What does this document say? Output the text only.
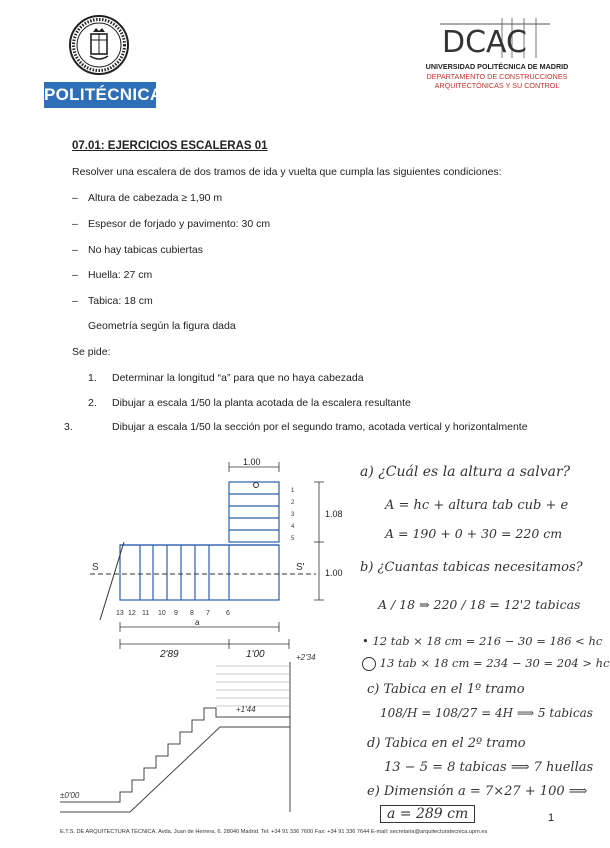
POLITÉCNICA
DCAC
UNIVERSIDAD POLITÉCNICA DE MADRID
DEPARTAMENTO DE CONSTRUCCIONES
ARQUITECTÓNICAS Y SU CONTROL
07.01: EJERCICIOS ESCALERAS 01
Resolver una escalera de dos tramos de ida y vuelta que cumpla las siguientes condiciones:
– Altura de cabezada ≥ 1,90 m
– Espesor de forjado y pavimento: 30 cm
– No hay tabicas cubiertas
– Huella: 27 cm
– Tabica: 18 cm
Geometría según la figura dada
Se pide:
1. Determinar la longitud “a” para que no haya cabezada
2. Dibujar a escala 1/50 la planta acotada de la escalera resultante
3.	Dibujar a escala 1/50 la sección por el segundo tramo, acotada vertical y horizontalmente
S	S'
1
2
3
4
5
13 12 11 10 9 8 7 6
1.00
1.08
1.00
a
2'89	1'00	+2'34
+1'44
±0'00
a) ¿Cuál es la altura a salvar?
A = hc + altura tab cub + e
A = 190 + 0 + 30 = 220 cm
b) ¿Cuantas tabicas necesitamos?
A / 18 ⇒ 220 / 18 = 12'2 tabicas
• 12 tab × 18 cm = 216 − 30 = 186 < hc
13 tab × 18 cm = 234 − 30 = 204 > hc
c) Tabica en el 1º tramo
108/H = 108/27 = 4H ⟹ 5 tabicas
d) Tabica en el 2º tramo
13 − 5 = 8 tabicas ⟹ 7 huellas
e) Dimensión a = 7×27 + 100 ⟹
a = 289 cm	1
E.T.S. DE ARQUITECTURA TÉCNICA. Avda. Juan de Herrera, 6. 28040 Madrid. Tel: +34 91 336 7600 Fax: +34 91 336 7644 E-mail: secretaria@arquitecturatecnica.upm.es
